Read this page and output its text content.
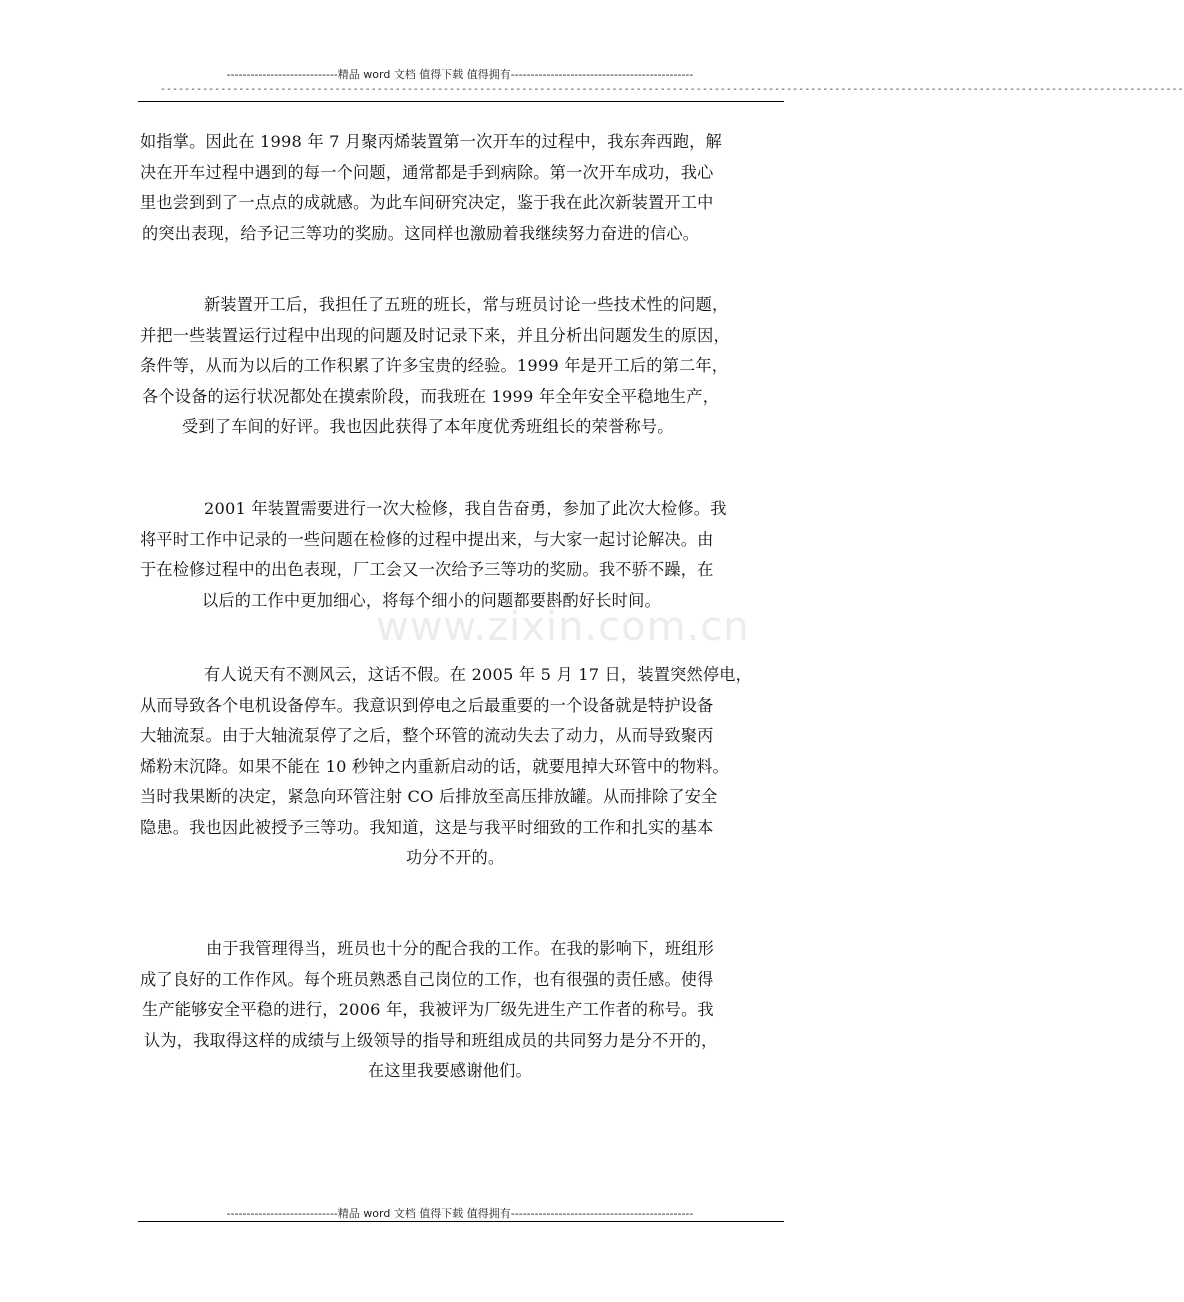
----------------------------精品 word 文档 值得下载 值得拥有----------------------------------------------
--------------------------------------------------------------------------------------------------------------------------------------------------------------------------
www.zixin.com.cn
如指掌。因此在 1998 年 7 月聚丙烯装置第一次开车的过程中，我东奔西跑，解
决在开车过程中遇到的每一个问题，通常都是手到病除。第一次开车成功，我心
里也尝到到了一点点的成就感。为此车间研究决定，鉴于我在此次新装置开工中
的突出表现，给予记三等功的奖励。这同样也激励着我继续努力奋进的信心。
新装置开工后，我担任了五班的班长，常与班员讨论一些技术性的问题，
并把一些装置运行过程中出现的问题及时记录下来，并且分析出问题发生的原因，
条件等，从而为以后的工作积累了许多宝贵的经验。1999 年是开工后的第二年，
各个设备的运行状况都处在摸索阶段，而我班在 1999 年全年安全平稳地生产，
受到了车间的好评。我也因此获得了本年度优秀班组长的荣誉称号。
2001 年装置需要进行一次大检修，我自告奋勇，参加了此次大检修。我
将平时工作中记录的一些问题在检修的过程中提出来，与大家一起讨论解决。由
于在检修过程中的出色表现，厂工会又一次给予三等功的奖励。我不骄不躁，在
以后的工作中更加细心，将每个细小的问题都要斟酌好长时间。
有人说天有不测风云，这话不假。在 2005 年 5 月 17 日，装置突然停电，
从而导致各个电机设备停车。我意识到停电之后最重要的一个设备就是特护设备
大轴流泵。由于大轴流泵停了之后，整个环管的流动失去了动力，从而导致聚丙
烯粉末沉降。如果不能在 10 秒钟之内重新启动的话，就要甩掉大环管中的物料。
当时我果断的决定，紧急向环管注射 CO 后排放至高压排放罐。从而排除了安全
隐患。我也因此被授予三等功。我知道，这是与我平时细致的工作和扎实的基本
功分不开的。
由于我管理得当，班员也十分的配合我的工作。在我的影响下，班组形
成了良好的工作作风。每个班员熟悉自己岗位的工作，也有很强的责任感。使得
生产能够安全平稳的进行，2006 年，我被评为厂级先进生产工作者的称号。我
认为，我取得这样的成绩与上级领导的指导和班组成员的共同努力是分不开的，
在这里我要感谢他们。
----------------------------精品 word 文档 值得下载 值得拥有----------------------------------------------
